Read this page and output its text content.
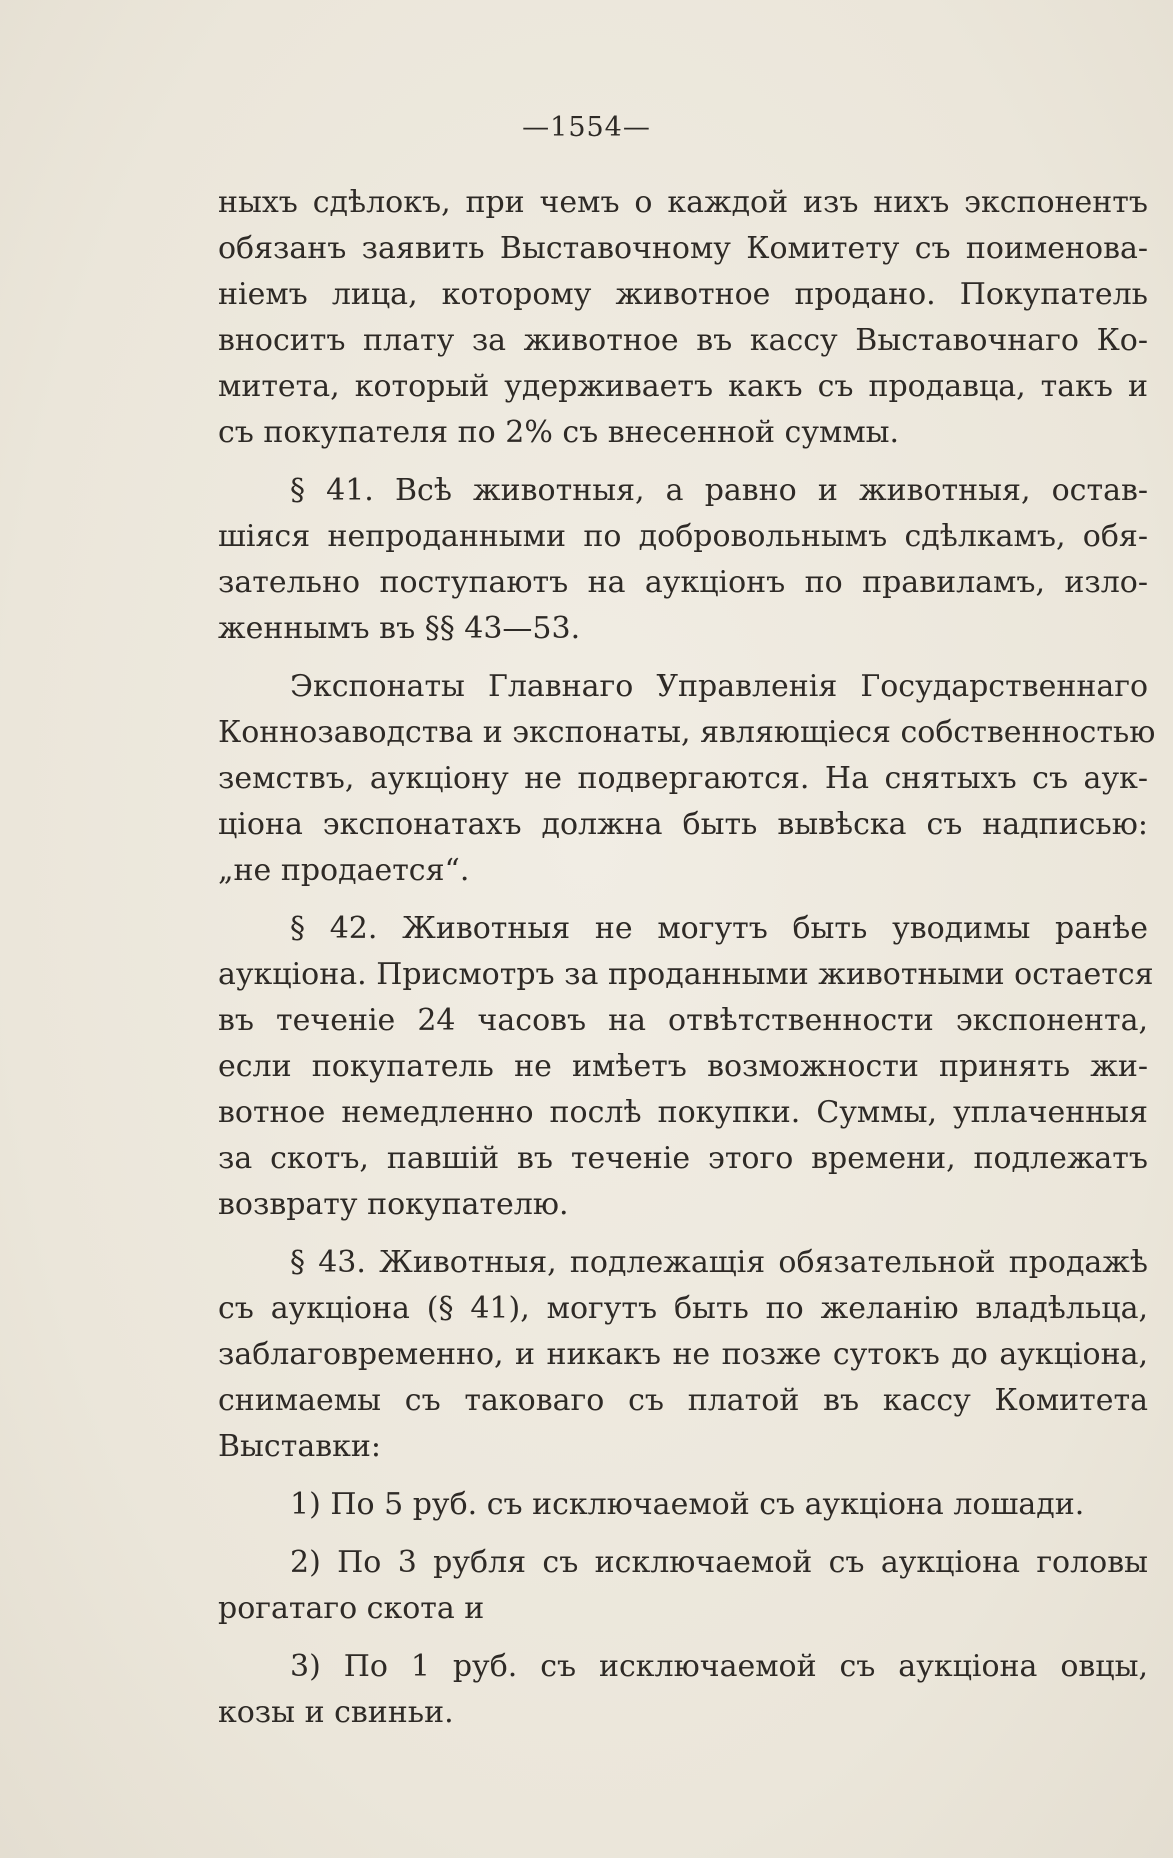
—1554—
ныхъ сдѣлокъ, при чемъ о каждой изъ нихъ экспонентъ
обязанъ заявить Выставочному Комитету съ поименова-
ніемъ лица, которому животное продано. Покупатель
вноситъ плату за животное въ кассу Выставочнаго Ко-
митета, который удерживаетъ какъ съ продавца, такъ и
съ покупателя по 2% съ внесенной суммы.
§ 41. Всѣ животныя, а равно и животныя, остав-
шіяся непроданными по добровольнымъ сдѣлкамъ, обя-
зательно поступаютъ на аукціонъ по правиламъ, изло-
женнымъ въ §§ 43—53.
Экспонаты Главнаго Управленія Государственнаго
Коннозаводства и экспонаты, являющіеся собственностью
земствъ, аукціону не подвергаются. На снятыхъ съ аук-
ціона экспонатахъ должна быть вывѣска съ надписью:
„не продается“.
§ 42. Животныя не могутъ быть уводимы ранѣе
аукціона. Присмотръ за проданными животными остается
въ теченіе 24 часовъ на отвѣтственности экспонента,
если покупатель не имѣетъ возможности принять жи-
вотное немедленно послѣ покупки. Суммы, уплаченныя
за скотъ, павшій въ теченіе этого времени, подлежатъ
возврату покупателю.
§ 43. Животныя, подлежащія обязательной продажѣ
съ аукціона (§ 41), могутъ быть по желанію владѣльца,
заблаговременно, и никакъ не позже сутокъ до аукціона,
снимаемы съ таковаго съ платой въ кассу Комитета
Выставки:
1) По 5 руб. съ исключаемой съ аукціона лошади.
2) По 3 рубля съ исключаемой съ аукціона головы
рогатаго скота и
3) По 1 руб. съ исключаемой съ аукціона овцы,
козы и свиньи.
